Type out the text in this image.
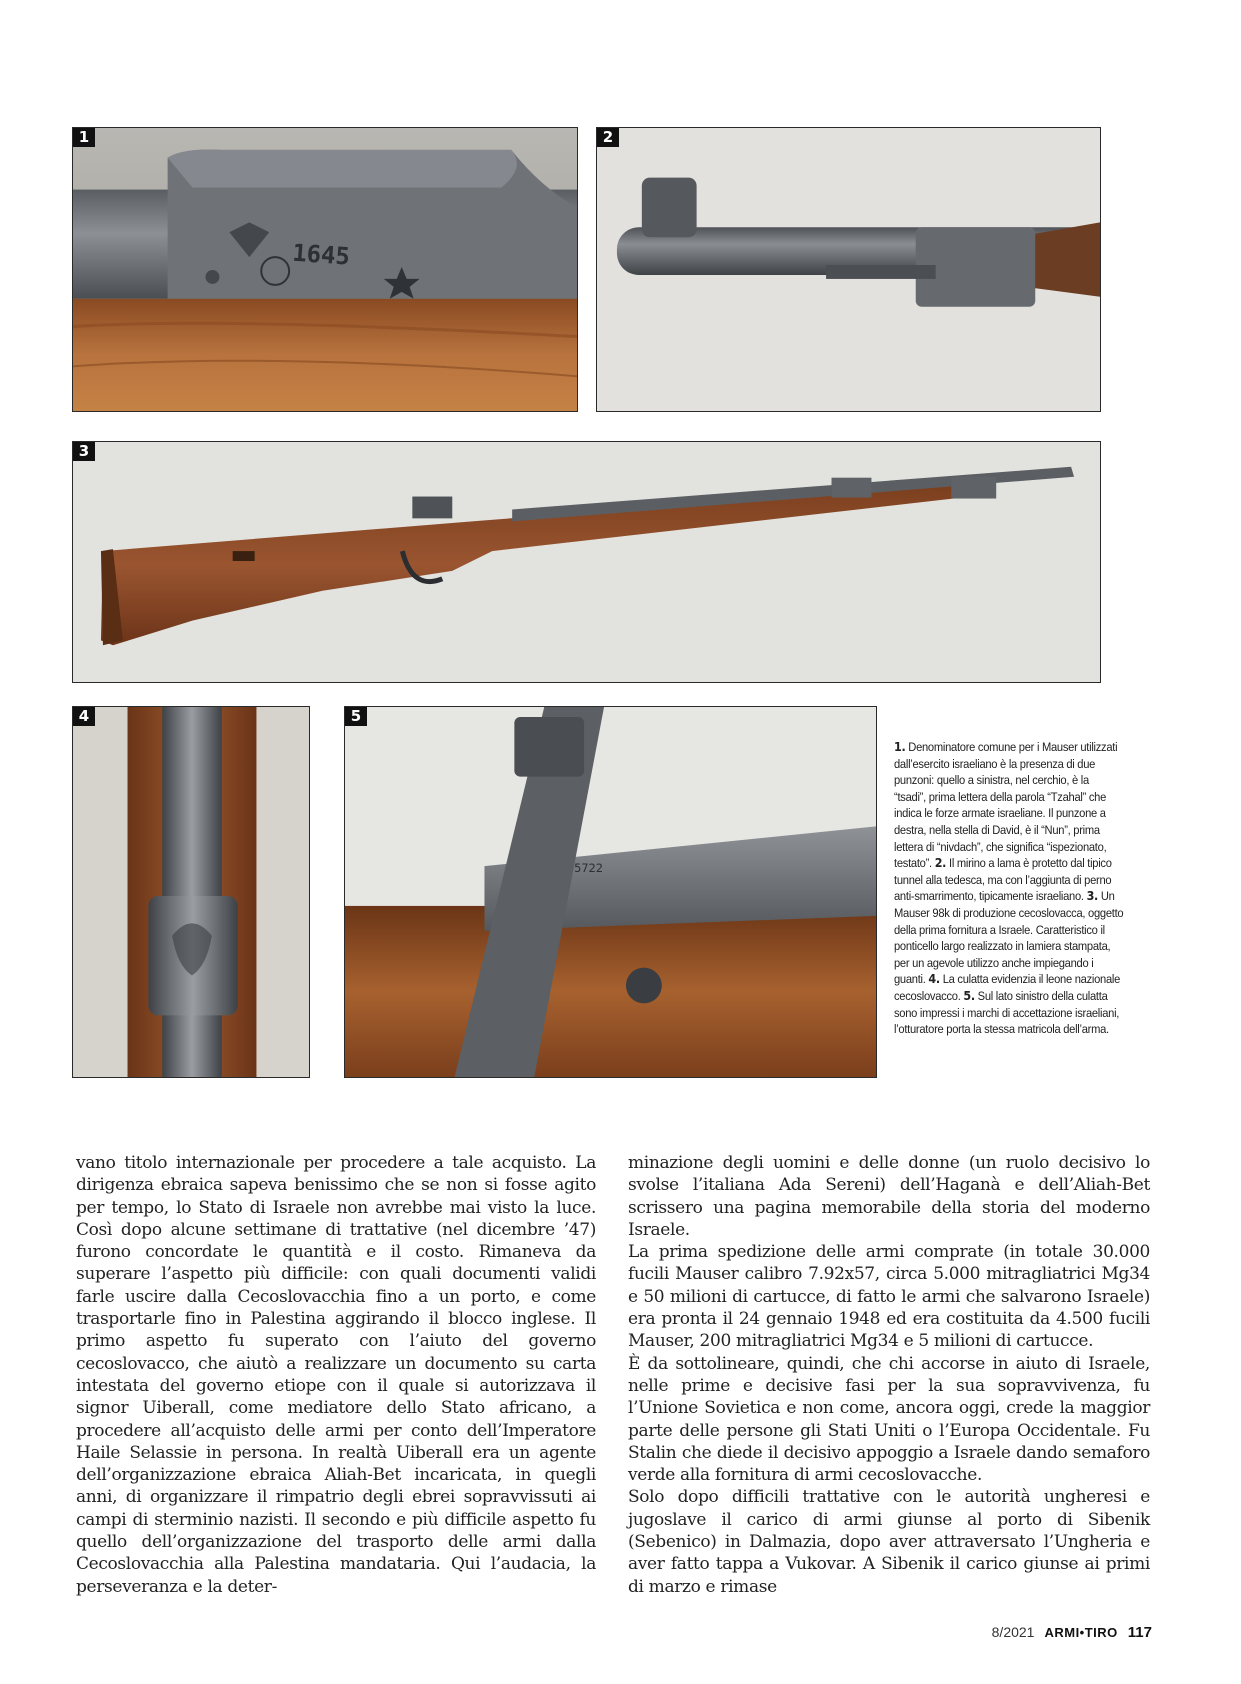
1
1645
2
3
4	5
5722
1. Denominatore comune per i Mauser utilizzati dall’esercito israeliano è la presenza di due punzoni: quello a sinistra, nel cerchio, è la “tsadi”, prima lettera della parola “Tzahal” che indica le forze armate israeliane. Il punzone a destra, nella stella di David, è il “Nun”, prima lettera di “nivdach”, che significa “ispezionato, testato”. 2. Il mirino a lama è protetto dal tipico tunnel alla tedesca, ma con l’aggiunta di perno anti-smarrimento, tipicamente israeliano. 3. Un Mauser 98k di produzione cecoslovacca, oggetto della prima fornitura a Israele. Caratteristico il ponticello largo realizzato in lamiera stampata, per un agevole utilizzo anche impiegando i guanti. 4. La culatta evidenzia il leone nazionale cecoslovacco. 5. Sul lato sinistro della culatta sono impressi i marchi di accettazione israeliani, l’otturatore porta la stessa matricola dell’arma.

vano titolo internazionale per procedere a tale acquisto. La dirigenza ebraica sapeva benissimo che se non si fosse agito per tempo, lo Stato di Israele non avrebbe mai visto la luce. Così dopo alcune settimane di trattative (nel dicembre ’47) furono concordate le quantità e il costo. Rimaneva da superare l’aspetto più difficile: con quali documenti validi farle uscire dalla Cecoslovacchia fino a un porto, e come trasportarle fino in Palestina aggirando il blocco inglese. Il primo aspetto fu superato con l’aiuto del governo cecoslovacco, che aiutò a realizzare un documento su carta intestata del governo etiope con il quale si autorizzava il signor Uiberall, come mediatore dello Stato africano, a procedere all’acquisto delle armi per conto dell’Imperatore Haile Selassie in persona. In realtà Uiberall era un agente dell’organizzazione ebraica Aliah-Bet incaricata, in quegli anni, di organizzare il rimpatrio degli ebrei sopravvissuti ai campi di sterminio nazisti. Il secondo e più difficile aspetto fu quello dell’organizzazione del trasporto delle armi dalla Cecoslovacchia alla Palestina mandataria. Qui l’audacia, la perseveranza e la deter-

minazione degli uomini e delle donne (un ruolo decisivo lo svolse l’italiana Ada Sereni) dell’Haganà e dell’Aliah-Bet scrissero una pagina memorabile della storia del moderno Israele.

La prima spedizione delle armi comprate (in totale 30.000 fucili Mauser calibro 7.92x57, circa 5.000 mitragliatrici Mg34 e 50 milioni di cartucce, di fatto le armi che salvarono Israele) era pronta il 24 gennaio 1948 ed era costituita da 4.500 fucili Mauser, 200 mitragliatrici Mg34 e 5 milioni di cartucce.

È da sottolineare, quindi, che chi accorse in aiuto di Israele, nelle prime e decisive fasi per la sua sopravvivenza, fu l’Unione Sovietica e non come, ancora oggi, crede la maggior parte delle persone gli Stati Uniti o l’Europa Occidentale. Fu Stalin che diede il decisivo appoggio a Israele dando semaforo verde alla fornitura di armi cecoslovacche.

Solo dopo difficili trattative con le autorità ungheresi e jugoslave il carico di armi giunse al porto di Sibenik (Sebenico) in Dalmazia, dopo aver attraversato l’Ungheria e aver fatto tappa a Vukovar. A Sibenik il carico giunse ai primi di marzo e rimase

8/2021 ARMI•TIRO 117
